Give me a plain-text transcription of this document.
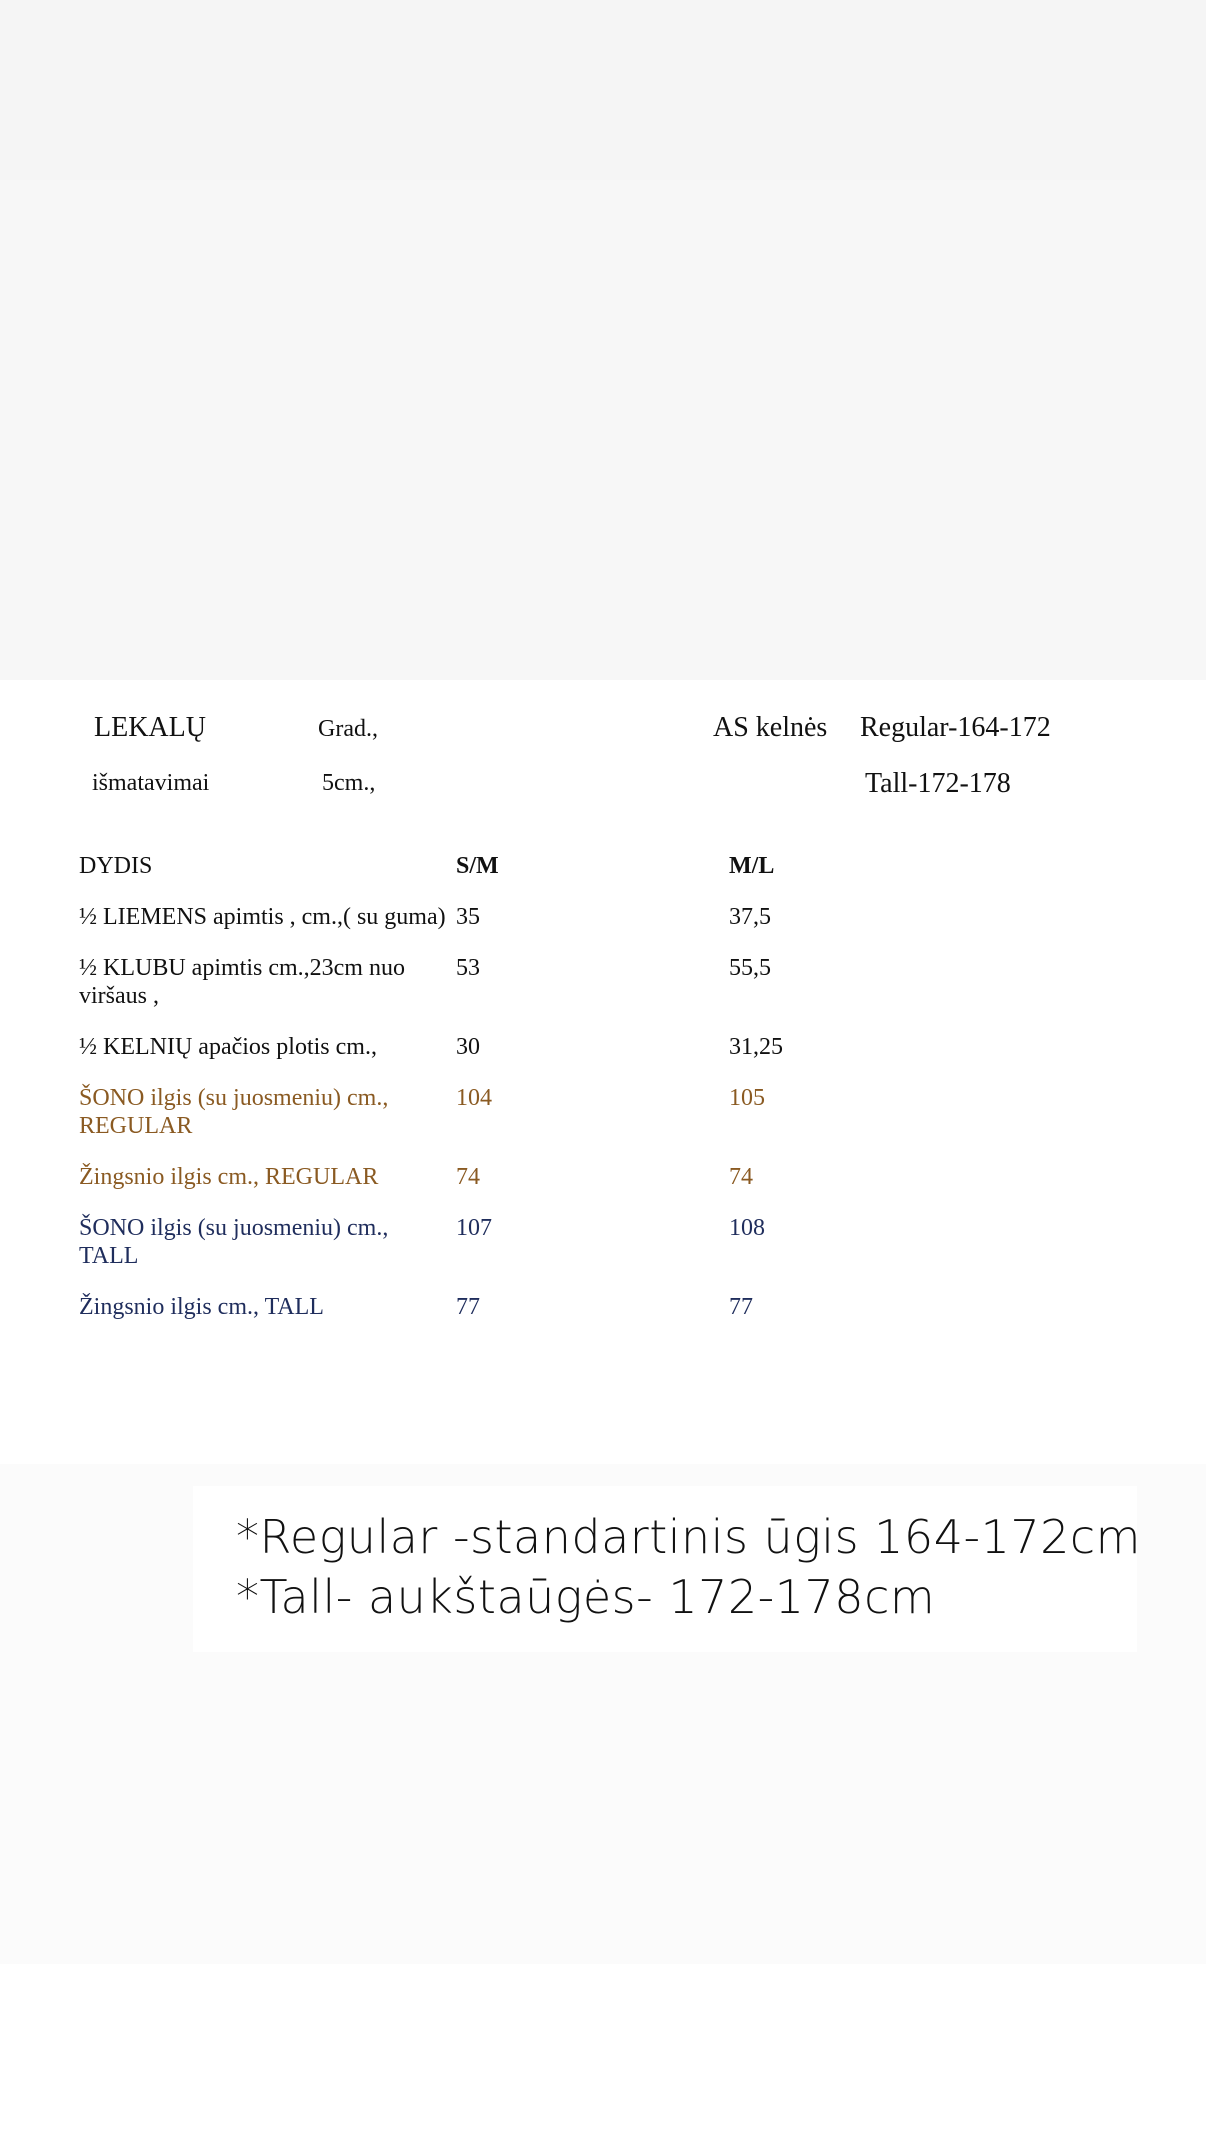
LEKALŲ
išmatavimai
Grad.,
5cm.,
AS kelnės Regular-164-172
Tall-172-178
DYDIS	S/M	M/L
½ LIEMENS apimtis , cm.,( su guma) 35	37,5
½ KLUBU apimtis cm.,23cm nuo
viršaus ,
53	55,5
½ KELNIŲ apačios plotis cm.,	30	31,25
ŠONO ilgis (su juosmeniu) cm.,
REGULAR
104	105
Žingsnio ilgis cm., REGULAR	74	74
ŠONO ilgis (su juosmeniu) cm.,
TALL
107	108
Žingsnio ilgis cm., TALL	77	77
*Regular -standartinis ūgis 164-172cm
*Tall- aukštaūgės- 172-178cm
